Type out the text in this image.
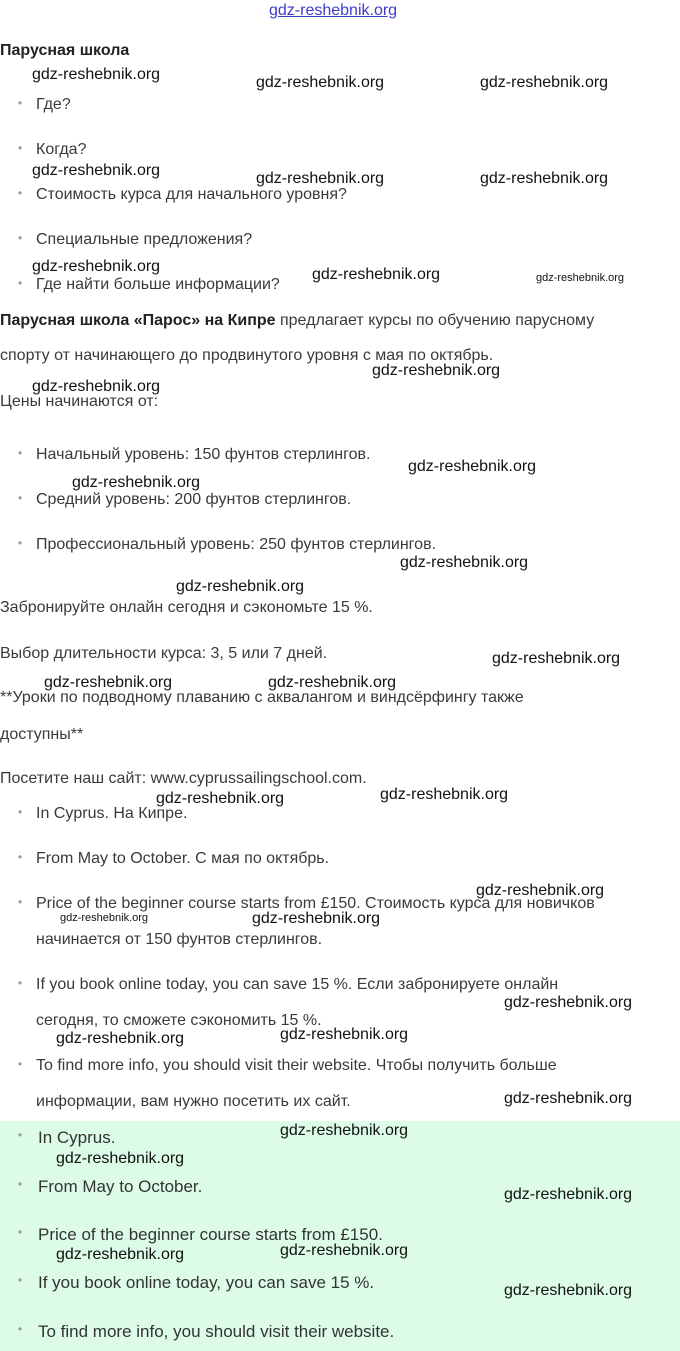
gdz-reshebnik.org
Парусная школа
Где?
Когда?
Стоимость курса для начального уровня?
Специальные предложения?
Где найти больше информации?
Парусная школа «Парос» на Кипре предлагает курсы по обучению парусному
спорту от начинающего до продвинутого уровня с мая по октябрь.
Цены начинаются от:
Начальный уровень: 150 фунтов стерлингов.
Средний уровень: 200 фунтов стерлингов.
Профессиональный уровень: 250 фунтов стерлингов.
Забронируйте онлайн сегодня и сэкономьте 15 %.
Выбор длительности курса: 3, 5 или 7 дней.
**Уроки по подводному плаванию с аквалангом и виндсёрфингу также
доступны**
Посетите наш сайт: www.cyprussailingschool.com.
In Cyprus. На Кипре.
From May to October. С мая по октябрь.
Price of the beginner course starts from £150. Стоимость курса для новичков
начинается от 150 фунтов стерлингов.
If you book online today, you can save 15 %. Если забронируете онлайн
сегодня, то сможете сэкономить 15 %.
To find more info, you should visit their website. Чтобы получить больше
информации, вам нужно посетить их сайт.
In Cyprus.
From May to October.
Price of the beginner course starts from £150.
If you book online today, you can save 15 %.
To find more info, you should visit their website.
gdz-reshebnik.org	gdz-reshebnik.org	gdz-reshebnik.org
gdz-reshebnik.org	gdz-reshebnik.org	gdz-reshebnik.org
gdz-reshebnik.org	gdz-reshebnik.org	gdz-reshebnik.org
gdz-reshebnik.org
gdz-reshebnik.org
gdz-reshebnik.org
gdz-reshebnik.org
gdz-reshebnik.org
gdz-reshebnik.org
gdz-reshebnik.org
gdz-reshebnik.org	gdz-reshebnik.org
gdz-reshebnik.org
gdz-reshebnik.org
gdz-reshebnik.org
gdz-reshebnik.org	gdz-reshebnik.org
gdz-reshebnik.org
gdz-reshebnik.org
gdz-reshebnik.org
gdz-reshebnik.org
gdz-reshebnik.org
gdz-reshebnik.org
gdz-reshebnik.org
gdz-reshebnik.org
gdz-reshebnik.org
gdz-reshebnik.org
